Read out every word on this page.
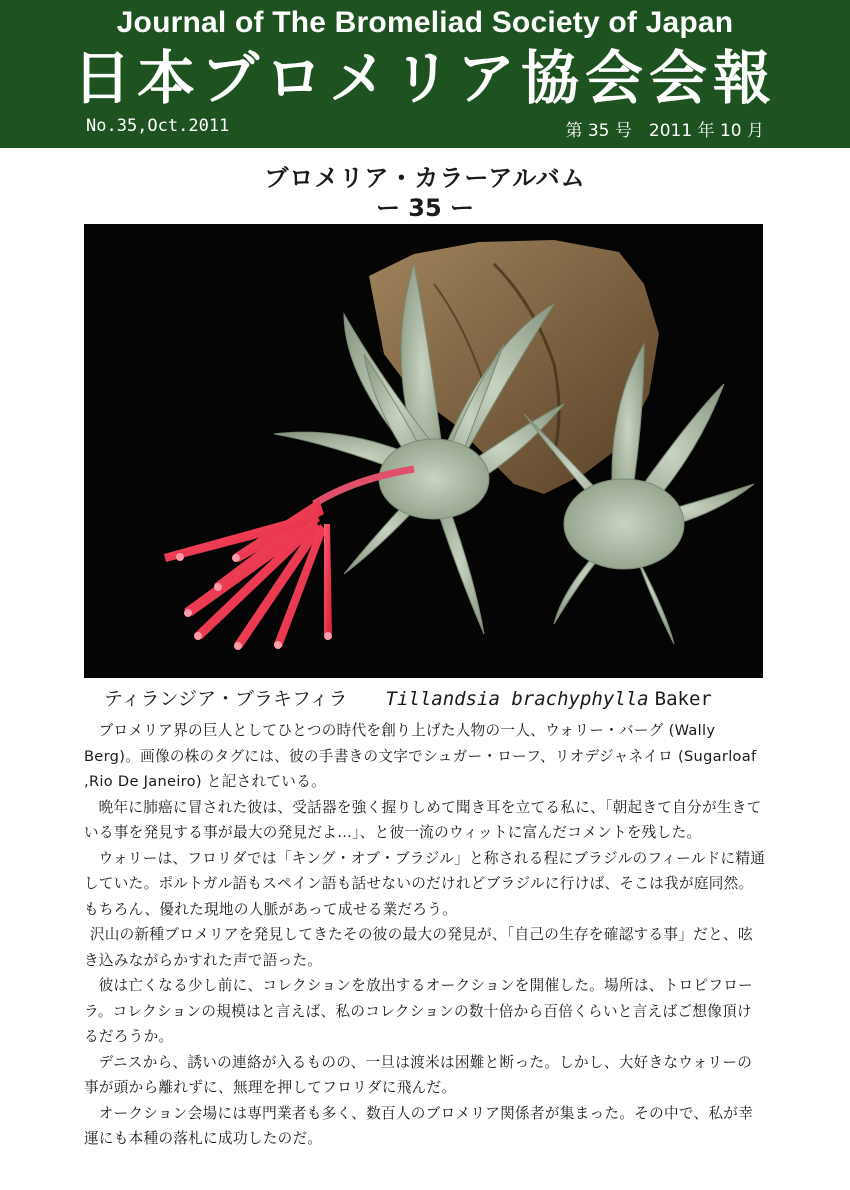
Journal of The Bromeliad Society of Japan
日本ブロメリア協会会報
No.35,Oct.2011	第 35 号　2011 年 10 月
ブロメリア・カラーアルバム
ー 35 ー
ティランジア・ブラキフィラ Tillandsia brachyphylla Baker

ブロメリア界の巨人としてひとつの時代を創り上げた人物の一人、ウォリー・バーグ (Wally Berg)。画像の株のタグには、彼の手書きの文字でシュガー・ローフ、リオデジャネイロ (Sugarloaf ,Rio De Janeiro) と記されている。

晩年に肺癌に冒された彼は、受話器を強く握りしめて聞き耳を立てる私に、「朝起きて自分が生きている事を発見する事が最大の発見だよ…」、と彼一流のウィットに富んだコメントを残した。

ウォリーは、フロリダでは「キング・オブ・ブラジル」と称される程にブラジルのフィールドに精通していた。ポルトガル語もスペイン語も話せないのだけれどブラジルに行けば、そこは我が庭同然。もちろん、優れた現地の人脈があって成せる業だろう。

沢山の新種ブロメリアを発見してきたその彼の最大の発見が、「自己の生存を確認する事」だと、呟き込みながらかすれた声で語った。

彼は亡くなる少し前に、コレクションを放出するオークションを開催した。場所は、トロピフローラ。コレクションの規模はと言えば、私のコレクションの数十倍から百倍くらいと言えばご想像頂けるだろうか。

デニスから、誘いの連絡が入るものの、一旦は渡米は困難と断った。しかし、大好きなウォリーの事が頭から離れずに、無理を押してフロリダに飛んだ。

オークション会場には専門業者も多く、数百人のブロメリア関係者が集まった。その中で、私が幸運にも本種の落札に成功したのだ。
